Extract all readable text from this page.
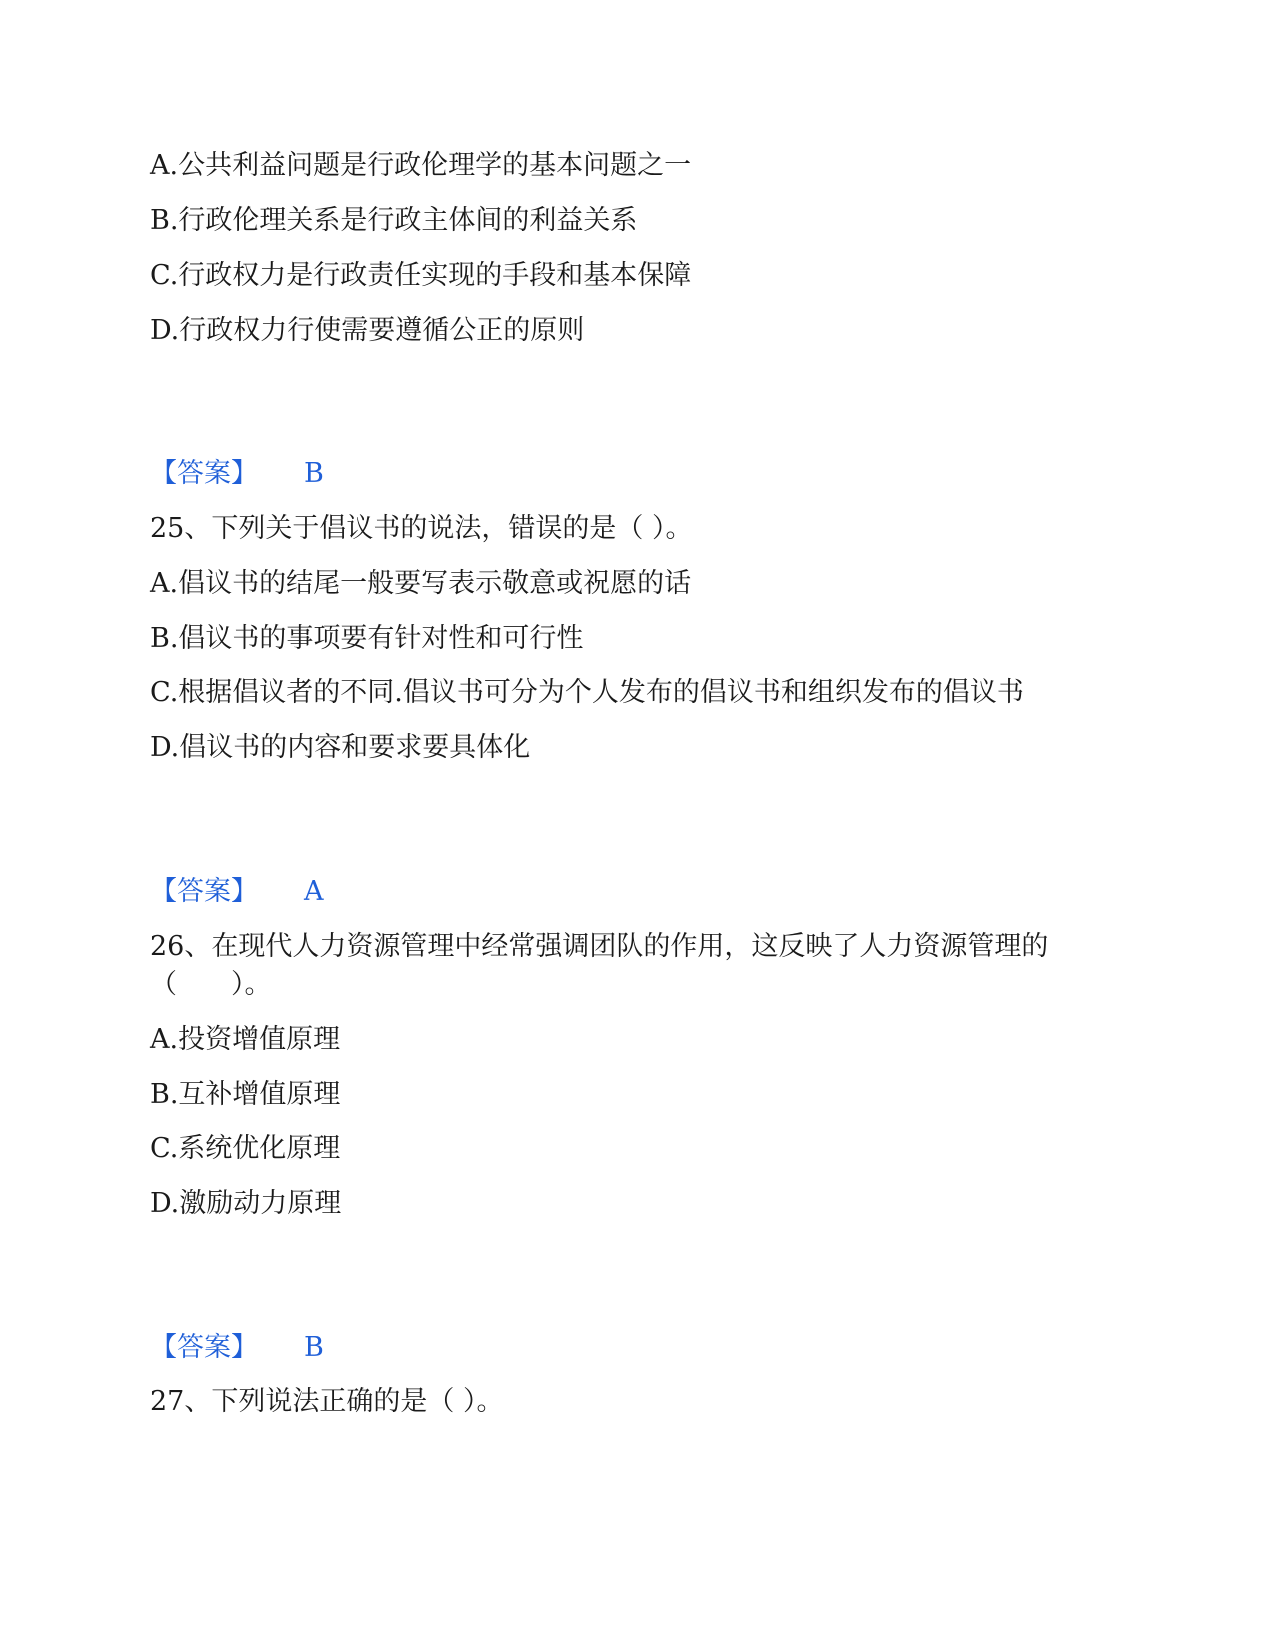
A.公共利益问题是行政伦理学的基本问题之一
B.行政伦理关系是行政主体间的利益关系
C.行政权力是行政责任实现的手段和基本保障
D.行政权力行使需要遵循公正的原则
【答案】 B
25、下列关于倡议书的说法，错误的是（ ）。
A.倡议书的结尾一般要写表示敬意或祝愿的话
B.倡议书的事项要有针对性和可行性
C.根据倡议者的不同.倡议书可分为个人发布的倡议书和组织发布的倡议书
D.倡议书的内容和要求要具体化
【答案】 A
26、在现代人力资源管理中经常强调团队的作用，这反映了人力资源管理的
（　　）。
A.投资增值原理
B.互补增值原理
C.系统优化原理
D.激励动力原理
【答案】 B
27、下列说法正确的是（ ）。
